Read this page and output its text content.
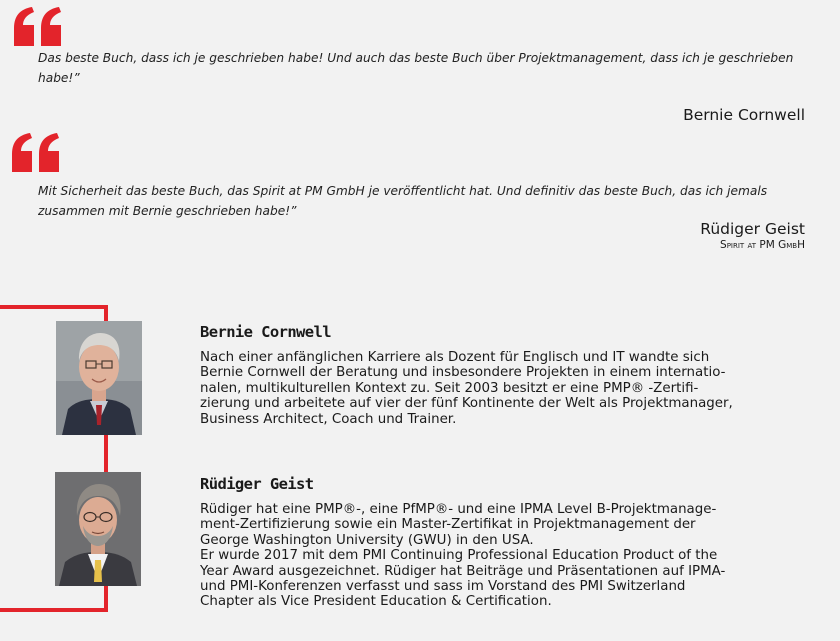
Das beste Buch, dass ich je geschrieben habe! Und auch das beste Buch über Projektmanagement, dass ich je geschrieben habe!”
Bernie Cornwell
Mit Sicherheit das beste Buch, das Spirit at PM GmbH je veröffentlicht hat. Und definitiv das beste Buch, das ich jemals zusammen mit Bernie geschrieben habe!”
Rüdiger Geist
Spirit at PM GmbH
Bernie Cornwell
Nach einer anfänglichen Karriere als Dozent für Englisch und IT wandte sich
Bernie Cornwell der Beratung und insbesondere Projekten in einem internatio-
nalen, multikulturellen Kontext zu. Seit 2003 besitzt er eine PMP® -Zertifi-
zierung und arbeitete auf vier der fünf Kontinente der Welt als Projektmanager,
Business Architect, Coach und Trainer.
Rüdiger Geist
Rüdiger hat eine PMP®-, eine PfMP®- und eine IPMA Level B-Projektmanage-
ment-Zertifizierung sowie ein Master-Zertifikat in Projektmanagement der
George Washington University (GWU) in den USA.
Er wurde 2017 mit dem PMI Continuing Professional Education Product of the
Year Award ausgezeichnet. Rüdiger hat Beiträge und Präsentationen auf IPMA-
und PMI-Konferenzen verfasst und sass im Vorstand des PMI Switzerland
Chapter als Vice President Education & Certification.
